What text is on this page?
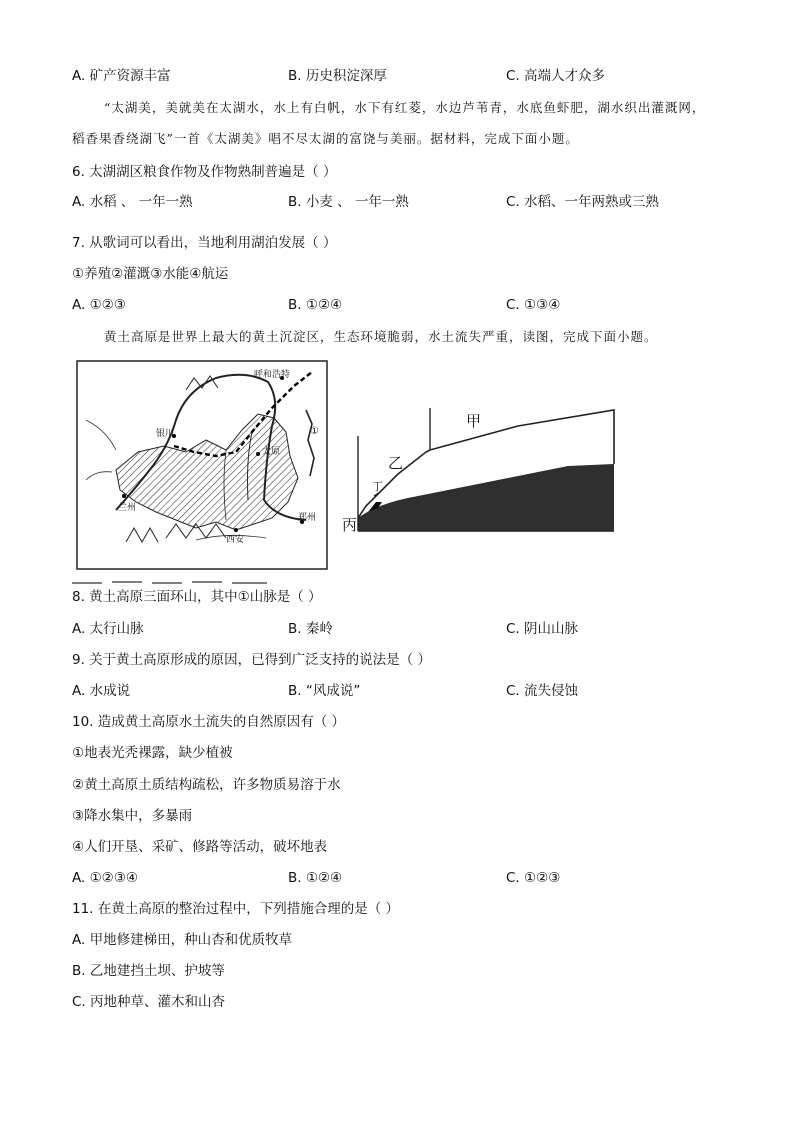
A. 矿产资源丰富	B. 历史积淀深厚	C. 高端人才众多
“太湖美，美就美在太湖水，水上有白帆，水下有红菱，水边芦苇青，水底鱼虾肥，湖水织出灌溉网，
稻香果香绕湖飞”一首《太湖美》唱不尽太湖的富饶与美丽。据材料，完成下面小题。
6. 太湖湖区粮食作物及作物熟制普遍是（ ）
A. 水稻 、 一年一熟	B. 小麦 、 一年一熟	C. 水稻、一年两熟或三熟
7. 从歌词可以看出，当地利用湖泊发展（ ）
①养殖②灌溉③水能④航运
A. ①②③	B. ①②④	C. ①③④
黄土高原是世界上最大的黄土沉淀区，生态环境脆弱，水土流失严重，读图，完成下面小题。
呼和浩特
银川
太原
兰州
西安
郑州
①
甲
乙
丙
丁
8. 黄土高原三面环山，其中①山脉是（ ）
A. 太行山脉	B. 秦岭	C. 阴山山脉
9. 关于黄土高原形成的原因，已得到广泛支持的说法是（ ）
A. 水成说	B. “风成说”	C. 流失侵蚀
10. 造成黄土高原水土流失的自然原因有（ ）
①地表光秃裸露，缺少植被
②黄土高原土质结构疏松，许多物质易溶于水
③降水集中，多暴雨
④人们开垦、采矿、修路等活动，破坏地表
A. ①②③④	B. ①②④	C. ①②③
11. 在黄土高原的整治过程中，下列措施合理的是（ ）
A. 甲地修建梯田，种山杏和优质牧草
B. 乙地建挡土坝、护坡等
C. 丙地种草、灌木和山杏
